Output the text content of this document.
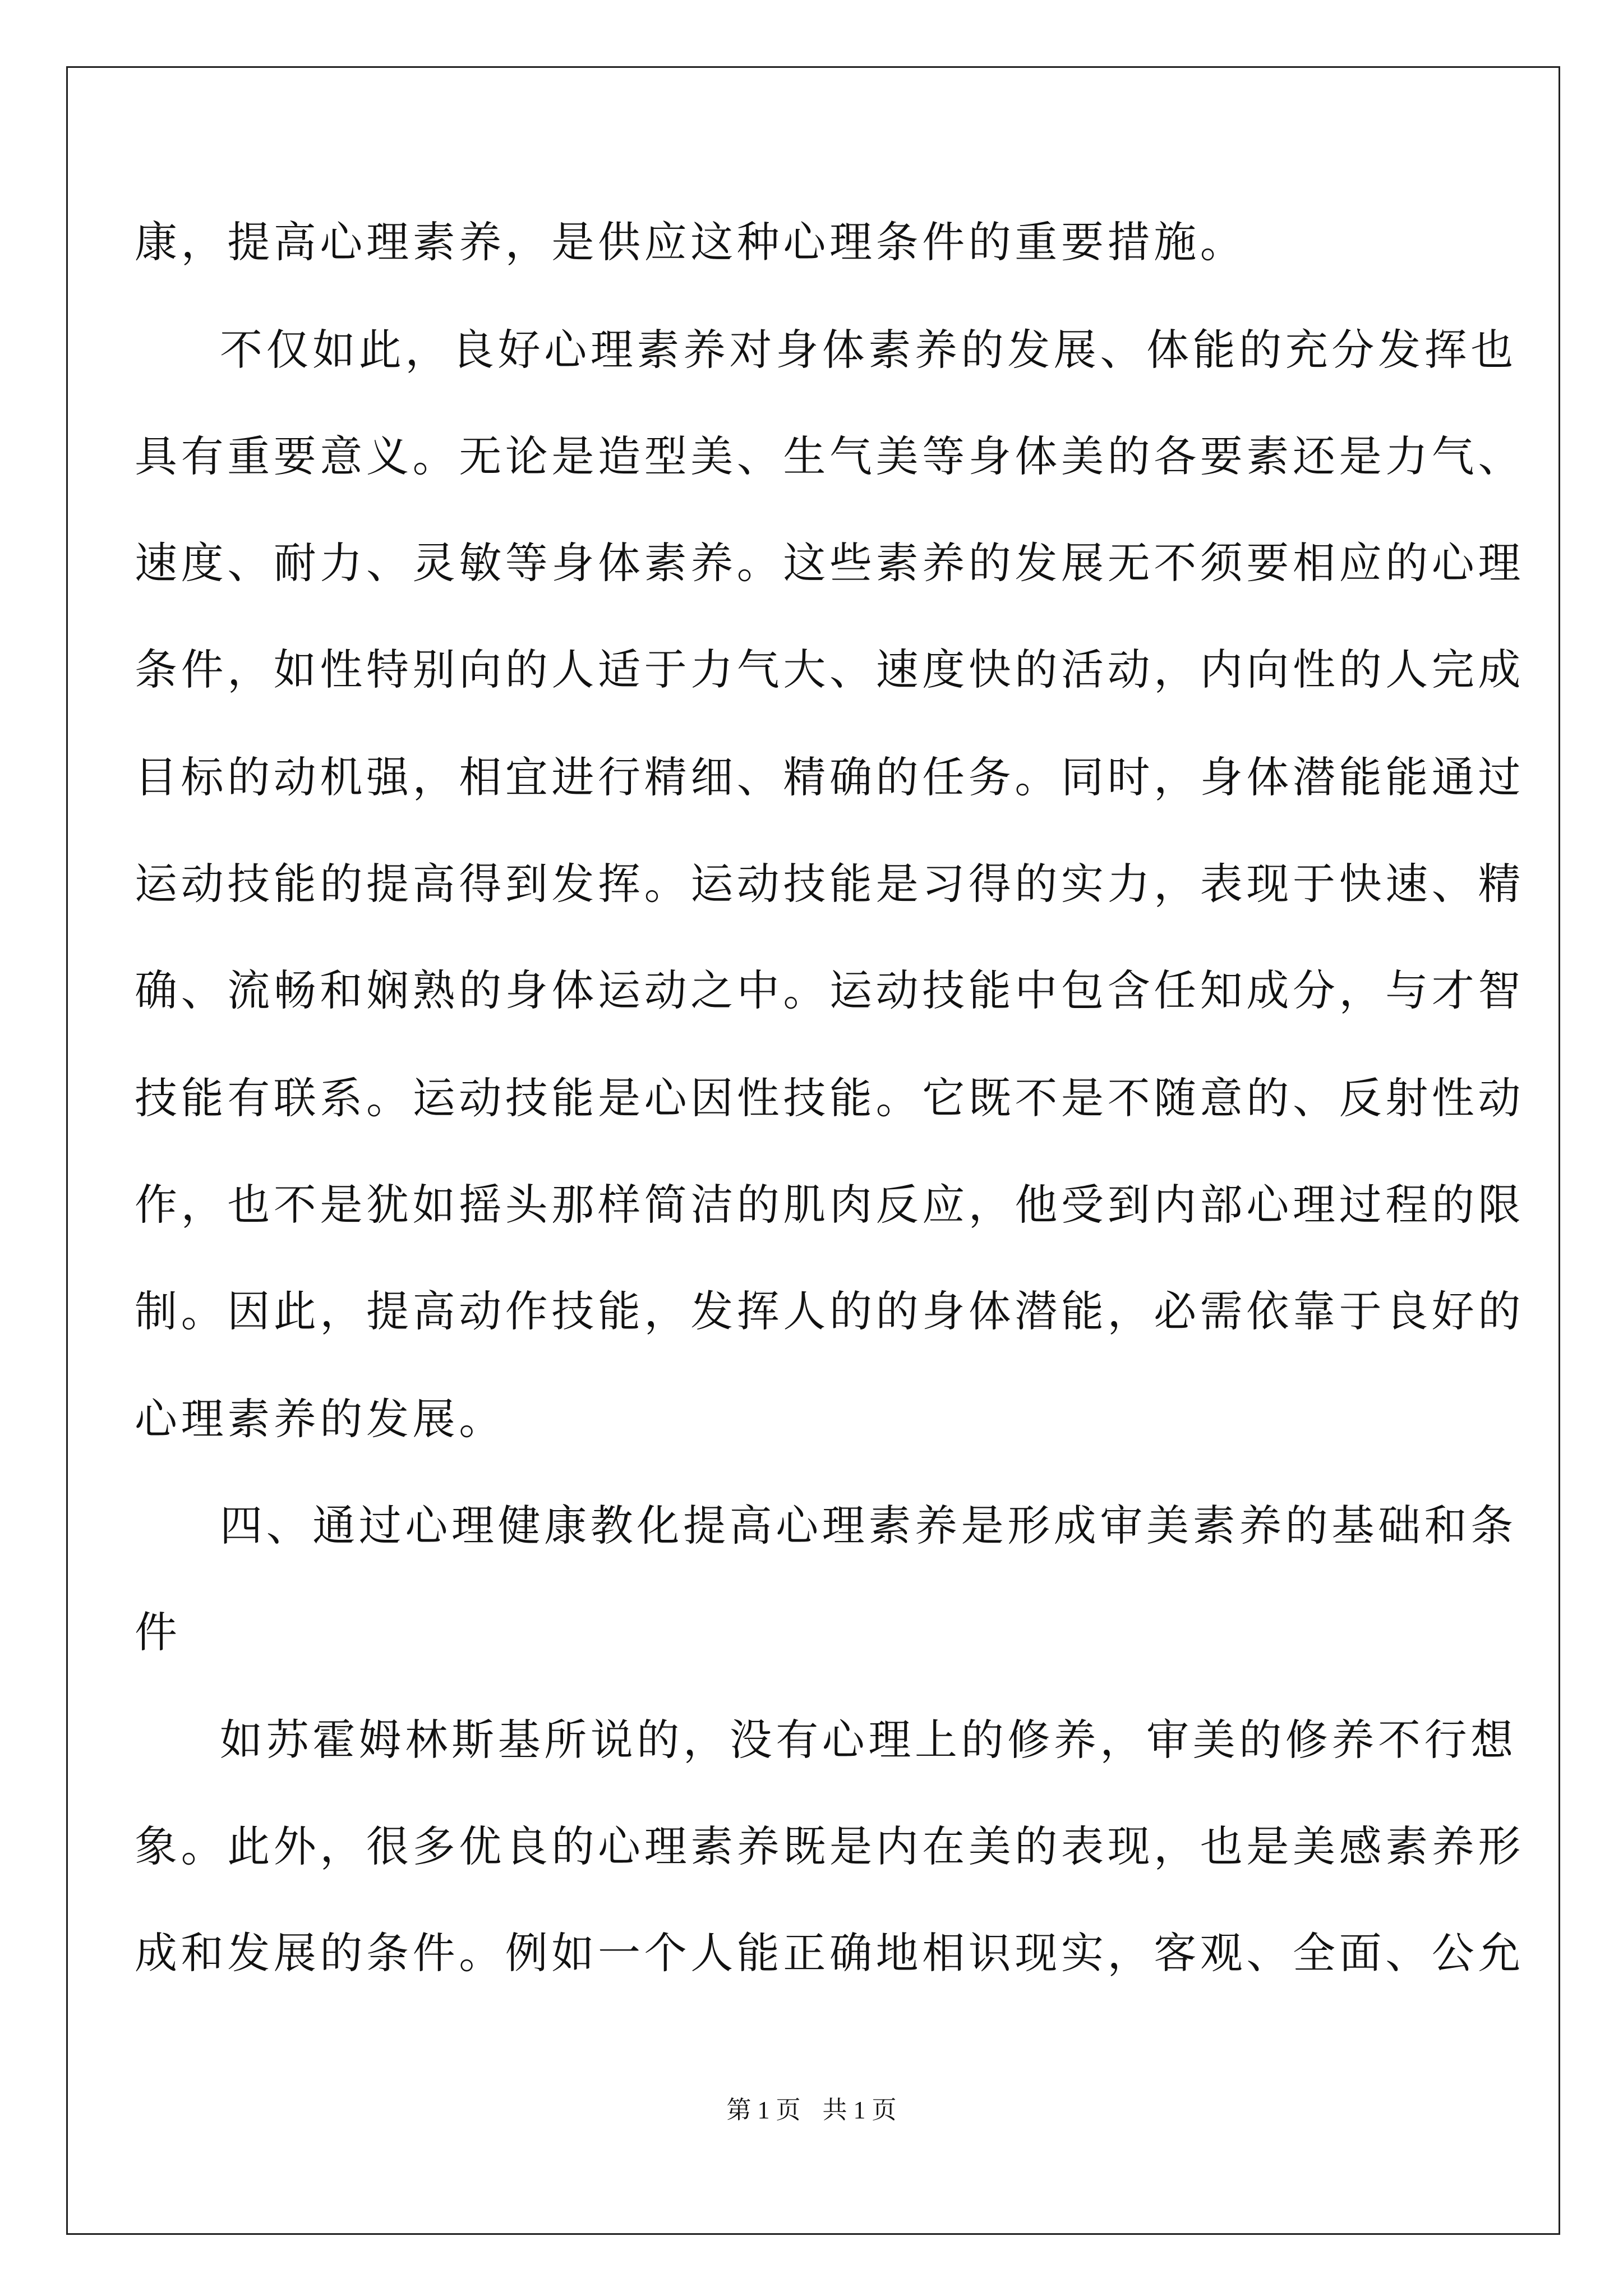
康，提高心理素养，是供应这种心理条件的重要措施。
不仅如此，良好心理素养对身体素养的发展、体能的充分发挥也
具有重要意义。无论是造型美、生气美等身体美的各要素还是力气、
速度、耐力、灵敏等身体素养。这些素养的发展无不须要相应的心理
条件，如性特别向的人适于力气大、速度快的活动，内向性的人完成
目标的动机强，相宜进行精细、精确的任务。同时，身体潜能能通过
运动技能的提高得到发挥。运动技能是习得的实力，表现于快速、精
确、流畅和娴熟的身体运动之中。运动技能中包含任知成分，与才智
技能有联系。运动技能是心因性技能。它既不是不随意的、反射性动
作，也不是犹如摇头那样简洁的肌肉反应，他受到内部心理过程的限
制。因此，提高动作技能，发挥人的的身体潜能，必需依靠于良好的
心理素养的发展。
四、通过心理健康教化提高心理素养是形成审美素养的基础和条
件
如苏霍姆林斯基所说的，没有心理上的修养，审美的修养不行想
象。此外，很多优良的心理素养既是内在美的表现，也是美感素养形
成和发展的条件。例如一个人能正确地相识现实，客观、全面、公允
第 1 页 共 1 页
